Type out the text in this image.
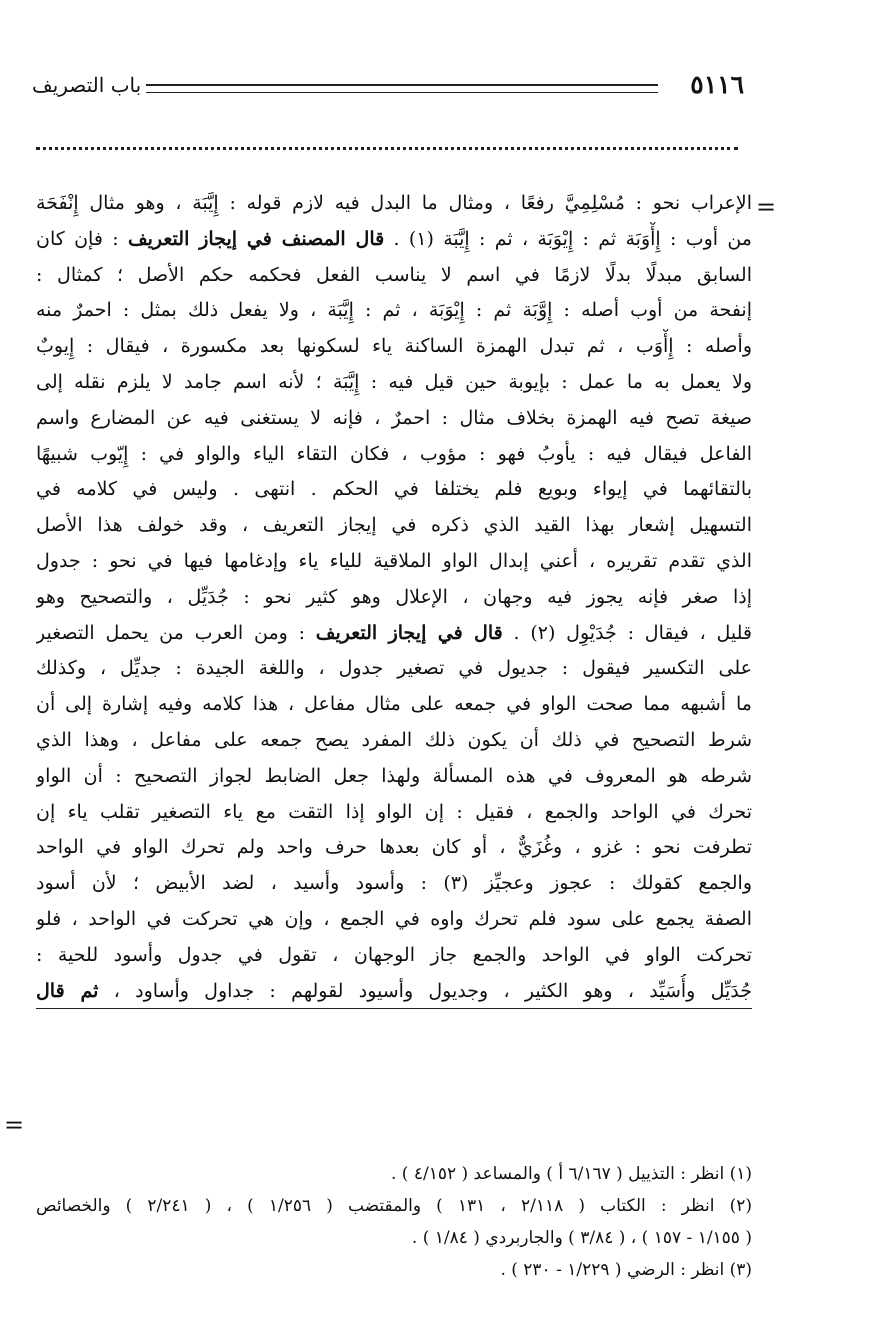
٥١١٦
باب التصريف
=
=
الإعراب نحو : مُسْلِمِيَّ رفعًا ، ومثال ما البدل فيه لازم قوله : إِيَّبَة ، وهو مثال إِنْفَحَة
من أوب : إِأْوَبَة ثم : إِيْوَبَة ، ثم : إِيَّبَة (١) . قال المصنف في إيجاز التعريف : فإن كان
السابق مبدلًا بدلًا لازمًا في اسم لا يناسب الفعل فحكمه حكم الأصل ؛ كمثال :
إنفحة من أوب أصله : إِوَّبَة ثم : إِيْوَبَة ، ثم : إِيَّبَة ، ولا يفعل ذلك بمثل : احمرٌ منه
وأصله : إِأْوَب ، ثم تبدل الهمزة الساكنة ياء لسكونها بعد مكسورة ، فيقال : إِيوبٌ
ولا يعمل به ما عمل : بإيوبة حين قيل فيه : إِيَّبَة ؛ لأنه اسم جامد لا يلزم نقله إلى
صيغة تصح فيه الهمزة بخلاف مثال : احمرٌ ، فإنه لا يستغنى فيه عن المضارع واسم
الفاعل فيقال فيه : يأوبُ فهو : مؤوب ، فكان التقاء الياء والواو في : إِيّوب شبيهًا
بالتقائهما في إيواء وبويع فلم يختلفا في الحكم . انتهى . وليس في كلامه في
التسهيل إشعار بهذا القيد الذي ذكره في إيجاز التعريف ، وقد خولف هذا الأصل
الذي تقدم تقريره ، أعني إبدال الواو الملاقية للياء ياء وإدغامها فيها في نحو : جدول
إذا صغر فإنه يجوز فيه وجهان ، الإعلال وهو كثير نحو : جُدَيِّل ، والتصحيح وهو
قليل ، فيقال : جُدَيْوِل (٢) . قال في إيجاز التعريف : ومن العرب من يحمل التصغير
على التكسير فيقول : جديول في تصغير جدول ، واللغة الجيدة : جديِّل ، وكذلك
ما أشبهه مما صحت الواو في جمعه على مثال مفاعل ، هذا كلامه وفيه إشارة إلى أن
شرط التصحيح في ذلك أن يكون ذلك المفرد يصح جمعه على مفاعل ، وهذا الذي
شرطه هو المعروف في هذه المسألة ولهذا جعل الضابط لجواز التصحيح : أن الواو
تحرك في الواحد والجمع ، فقيل : إن الواو إذا التقت مع ياء التصغير تقلب ياء إن
تطرفت نحو : غزو ، وغُزَيٌّ ، أو كان بعدها حرف واحد ولم تحرك الواو في الواحد
والجمع كقولك : عجوز وعجيِّز (٣) : وأسود وأسيد ، لضد الأبيض ؛ لأن أسود
الصفة يجمع على سود فلم تحرك واوه في الجمع ، وإن هي تحركت في الواحد ، فلو
تحركت الواو في الواحد والجمع جاز الوجهان ، تقول في جدول وأسود للحية :
جُدَيِّل وأُسَيِّد ، وهو الكثير ، وجديول وأسيود لقولهم : جداول وأساود ، ثم قال
(١) انظر : التذييل ( ٦/١٦٧ أ ) والمساعد ( ٤/١٥٢ ) .
(٢) انظر : الكتاب ( ٢/١١٨ ، ١٣١ ) والمقتضب ( ١/٢٥٦ ) ، ( ٢/٢٤١ ) والخصائص
( ١/١٥٥ - ١٥٧ ) ، ( ٣/٨٤ ) والجاربردي ( ١/٨٤ ) .
(٣) انظر : الرضي ( ١/٢٢٩ - ٢٣٠ ) .
